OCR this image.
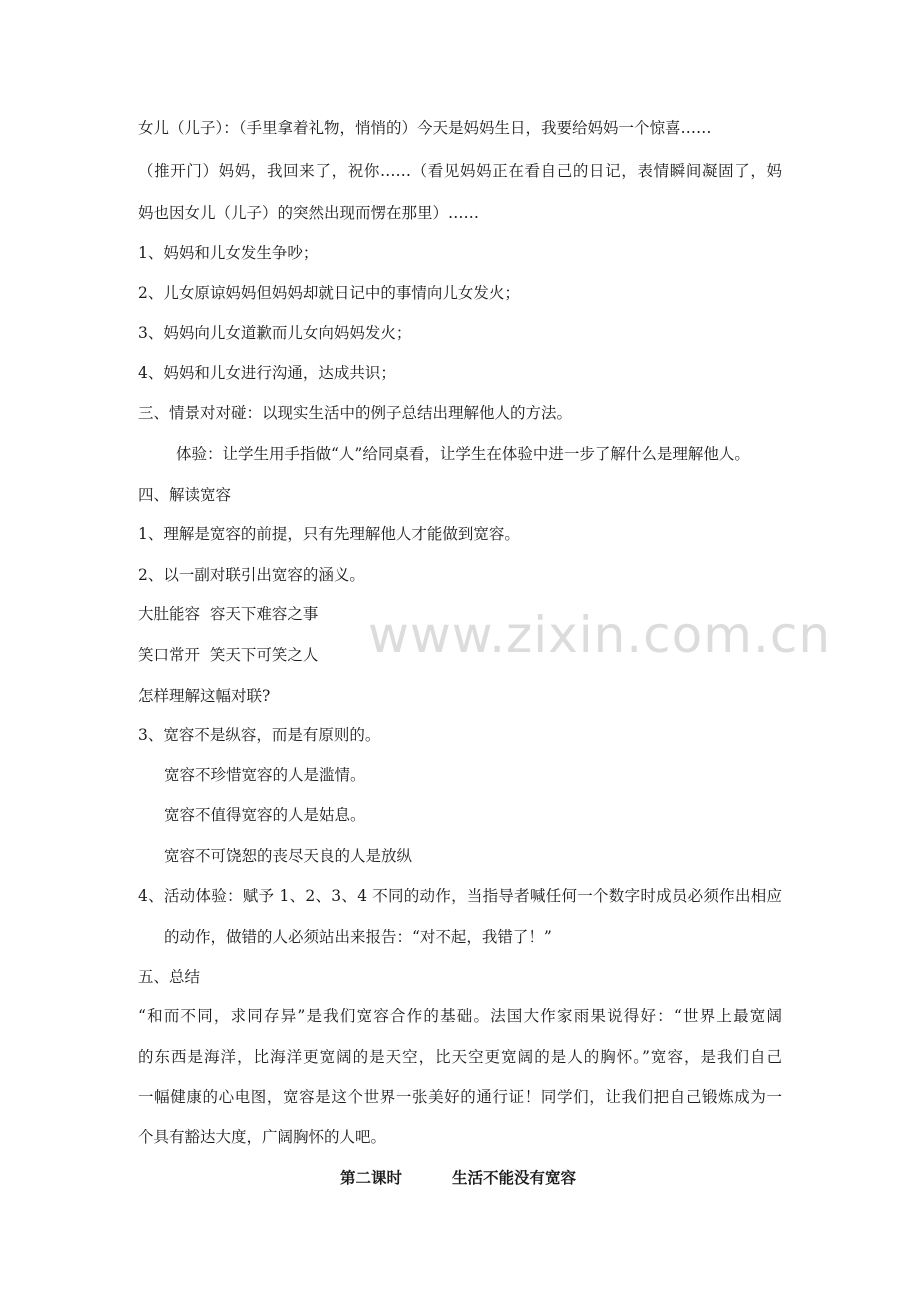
www.zixin.com.cn
女儿（儿子）：（手里拿着礼物，悄悄的）今天是妈妈生日，我要给妈妈一个惊喜……
（推开门）妈妈，我回来了，祝你……（看见妈妈正在看自己的日记，表情瞬间凝固了，妈
妈也因女儿（儿子）的突然出现而愣在那里）……
1、妈妈和儿女发生争吵；
2、儿女原谅妈妈但妈妈却就日记中的事情向儿女发火；
3、妈妈向儿女道歉而儿女向妈妈发火；
4、妈妈和儿女进行沟通，达成共识；
三、情景对对碰：以现实生活中的例子总结出理解他人的方法。
体验：让学生用手指做“人”给同桌看，让学生在体验中进一步了解什么是理解他人。
四、解读宽容
1、理解是宽容的前提，只有先理解他人才能做到宽容。
2、以一副对联引出宽容的涵义。
大肚能容  容天下难容之事
笑口常开  笑天下可笑之人
怎样理解这幅对联?
3、宽容不是纵容，而是有原则的。
宽容不珍惜宽容的人是滥情。
宽容不值得宽容的人是姑息。
宽容不可饶恕的丧尽天良的人是放纵
4、活动体验：赋予 1、2、3、4 不同的动作，当指导者喊任何一个数字时成员必须作出相应
的动作，做错的人必须站出来报告：“对不起，我错了！”
五、总结
“和而不同，求同存异”是我们宽容合作的基础。法国大作家雨果说得好：“世界上最宽阔
的东西是海洋，比海洋更宽阔的是天空，比天空更宽阔的是人的胸怀。”宽容，是我们自己
一幅健康的心电图，宽容是这个世界一张美好的通行证！同学们，让我们把自己锻炼成为一
个具有豁达大度，广阔胸怀的人吧。
第二课时	生活不能没有宽容
